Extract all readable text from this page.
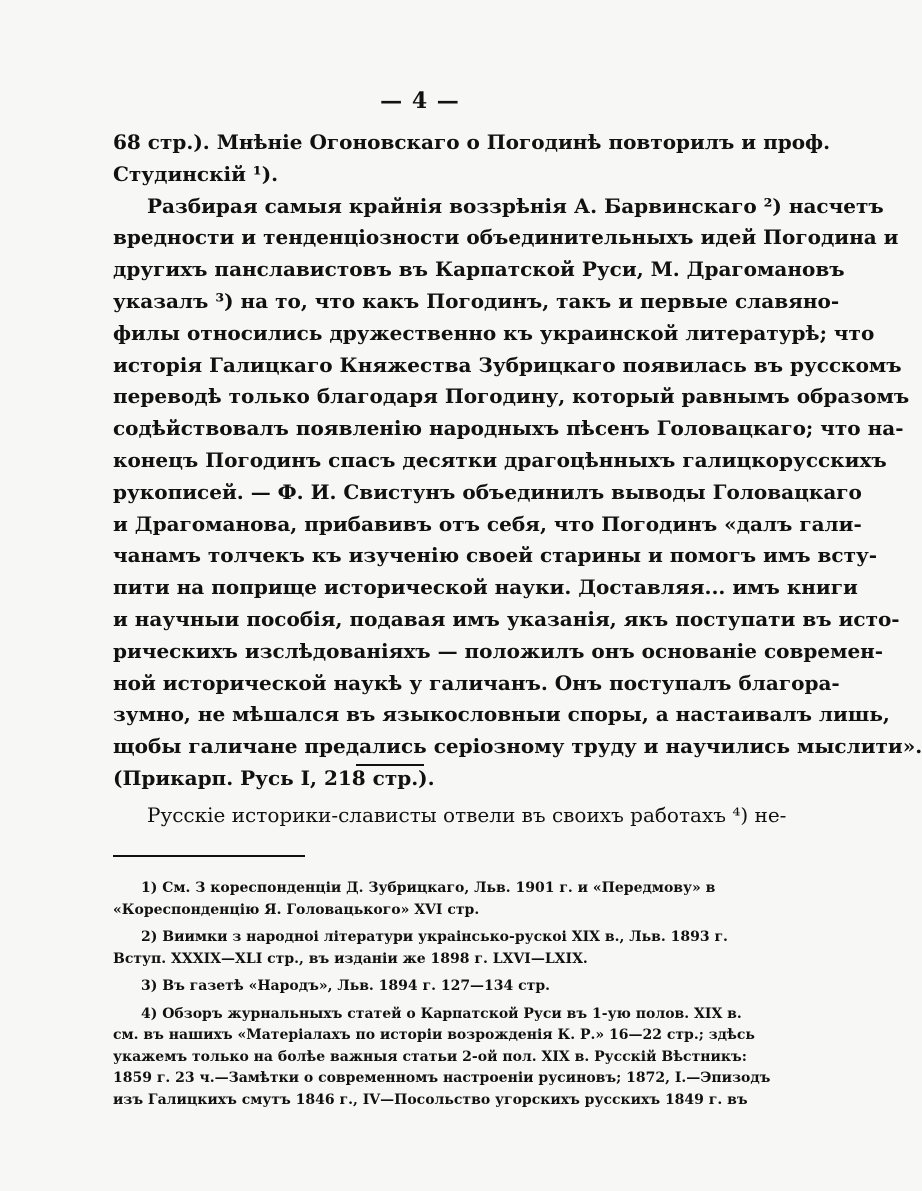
— 4 —
68 стр.). Мнѣніе Огоновскаго о Погодинѣ повторилъ и проф.
Студинскій ¹).
Разбирая самыя крайнія воззрѣнія А. Барвинскаго ²) насчетъ
вредности и тенденціозности объединительныхъ идей Погодина и
другихъ панславистовъ въ Карпатской Руси, М. Драгомановъ
указалъ ³) на то, что какъ Погодинъ, такъ и первые славяно-
филы относились дружественно къ украинской литературѣ; что
исторія Галицкаго Княжества Зубрицкаго появилась въ русскомъ
переводѣ только благодаря Погодину, который равнымъ образомъ
содѣйствовалъ появленію народныхъ пѣсенъ Головацкаго; что на-
конецъ Погодинъ спасъ десятки драгоцѣнныхъ галицкорусскихъ
рукописей. — Ф. И. Свистунъ объединилъ выводы Головацкаго
и Драгоманова, прибавивъ отъ себя, что Погодинъ «далъ гали-
чанамъ толчекъ къ изученію своей старины и помогъ имъ всту-
пити на поприще исторической науки. Доставляя... имъ книги
и научныи пособія, подавая имъ указанія, якъ поступати въ исто-
рическихъ изслѣдованіяхъ — положилъ онъ основаніе современ-
ной исторической наукѣ у галичанъ. Онъ поступалъ благора-
зумно, не мѣшался въ языкословныи споры, а настаивалъ лишь,
щобы галичане предались серіозному труду и научились мыслити».
(Прикарп. Русь I, 218 стр.).
Русскіе историки-слависты отвели въ своихъ работахъ ⁴) не-
1) См. З кореспонденціи Д. Зубрицкаго, Льв. 1901 г. и «Передмову» в
«Кореспонденцію Я. Головацького» XVI стр.
2) Виимки з народноі літератури украінсько-рускоі XIX в., Льв. 1893 г.
Вступ. XXXIX—XLI стр., въ изданіи же 1898 г. LXVI—LXIX.
3) Въ газетѣ «Народъ», Льв. 1894 г. 127—134 стр.
4) Обзоръ журнальныхъ статей о Карпатской Руси въ 1-ую полов. XIX в.
см. въ нашихъ «Матеріалахъ по исторіи возрожденія К. Р.» 16—22 стр.; здѣсь
укажемъ только на болѣе важныя статьи 2-ой пол. XIX в. Русскій Вѣстникъ:
1859 г. 23 ч.—Замѣтки о современномъ настроеніи русиновъ; 1872, I.—Эпизодъ
изъ Галицкихъ смутъ 1846 г., IV—Посольство угорскихъ русскихъ 1849 г. въ
